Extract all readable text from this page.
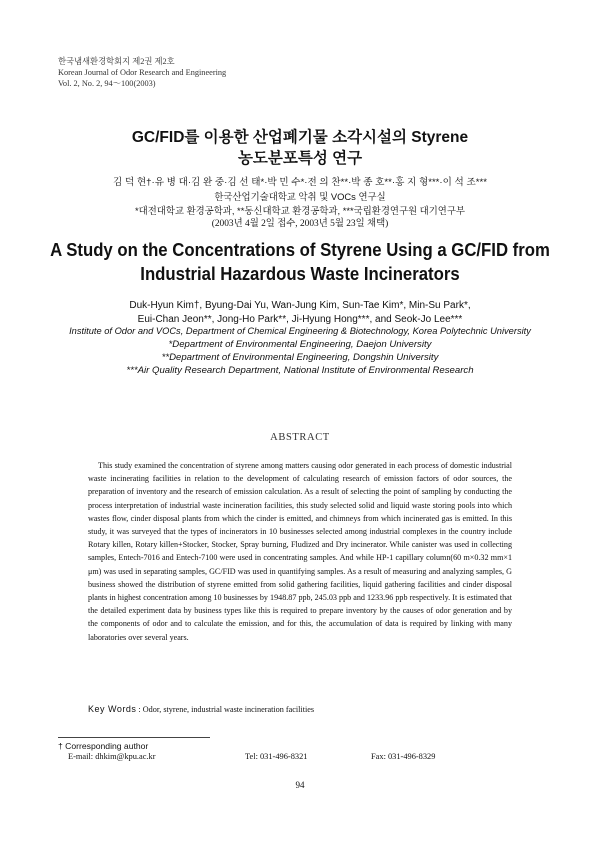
한국냄새환경학회지 제2권 제2호
Korean Journal of Odor Research and Engineering
Vol. 2, No. 2, 94～100(2003)
GC/FID를 이용한 산업폐기물 소각시설의 Styrene
농도분포특성 연구
김 덕 현†·유 병 대·김 완 중·김 선 태*·박 민 수*·전 의 찬**·박 종 호**·홍 지 형***·이 석 조***
한국산업기술대학교 악취 및 VOCs 연구실
*대전대학교 환경공학과, **동신대학교 환경공학과, ***국립환경연구원 대기연구부
(2003년 4월 2일 접수, 2003년 5월 23일 채택)
A Study on the Concentrations of Styrene Using a GC/FID from
Industrial Hazardous Waste Incinerators
Duk-Hyun Kim†, Byung-Dai Yu, Wan-Jung Kim, Sun-Tae Kim*, Min-Su Park*,
Eui-Chan Jeon**, Jong-Ho Park**, Ji-Hyung Hong***, and Seok-Jo Lee***
Institute of Odor and VOCs, Department of Chemical Engineering & Biotechnology, Korea Polytechnic University
*Department of Environmental Engineering, Daejon University
**Department of Environmental Engineering, Dongshin University
***Air Quality Research Department, National Institute of Environmental Research
ABSTRACT

This study examined the concentration of styrene among matters causing odor generated in each process of domestic industrial waste incinerating facilities in relation to the development of calculating research of emission factors of odor sources, the preparation of inventory and the research of emission calculation. As a result of selecting the point of sampling by conducting the process interpretation of industrial waste incineration facilities, this study selected solid and liquid waste storing pools into which wastes flow, cinder disposal plants from which the cinder is emitted, and chimneys from which incinerated gas is emitted. In this study, it was surveyed that the types of incinerators in 10 businesses selected among industrial complexes in the country include Rotary killen, Rotary killen+Stocker, Stocker, Spray burning, Fludized and Dry incinerator. While canister was used in collecting samples, Entech-7016 and Entech-7100 were used in concentrating samples. And while HP-1 capillary column(60 m×0.32 mm×1 μm) was used in separating samples, GC/FID was used in quantifying samples. As a result of measuring and analyzing samples, G business showed the distribution of styrene emitted from solid gathering facilities, liquid gathering facilities and cinder disposal plants in highest concentration among 10 businesses by 1948.87 ppb, 245.03 ppb and 1233.96 ppb respectively. It is estimated that the detailed experiment data by business types like this is required to prepare inventory by the causes of odor generation and by the components of odor and to calculate the emission, and for this, the accumulation of data is required by linking with many laboratories over several years.

Key Words : Odor, styrene, industrial waste incineration facilities
† Corresponding author
E-mail: dhkim@kpu.ac.kr	Tel: 031-496-8321	Fax: 031-496-8329
94
